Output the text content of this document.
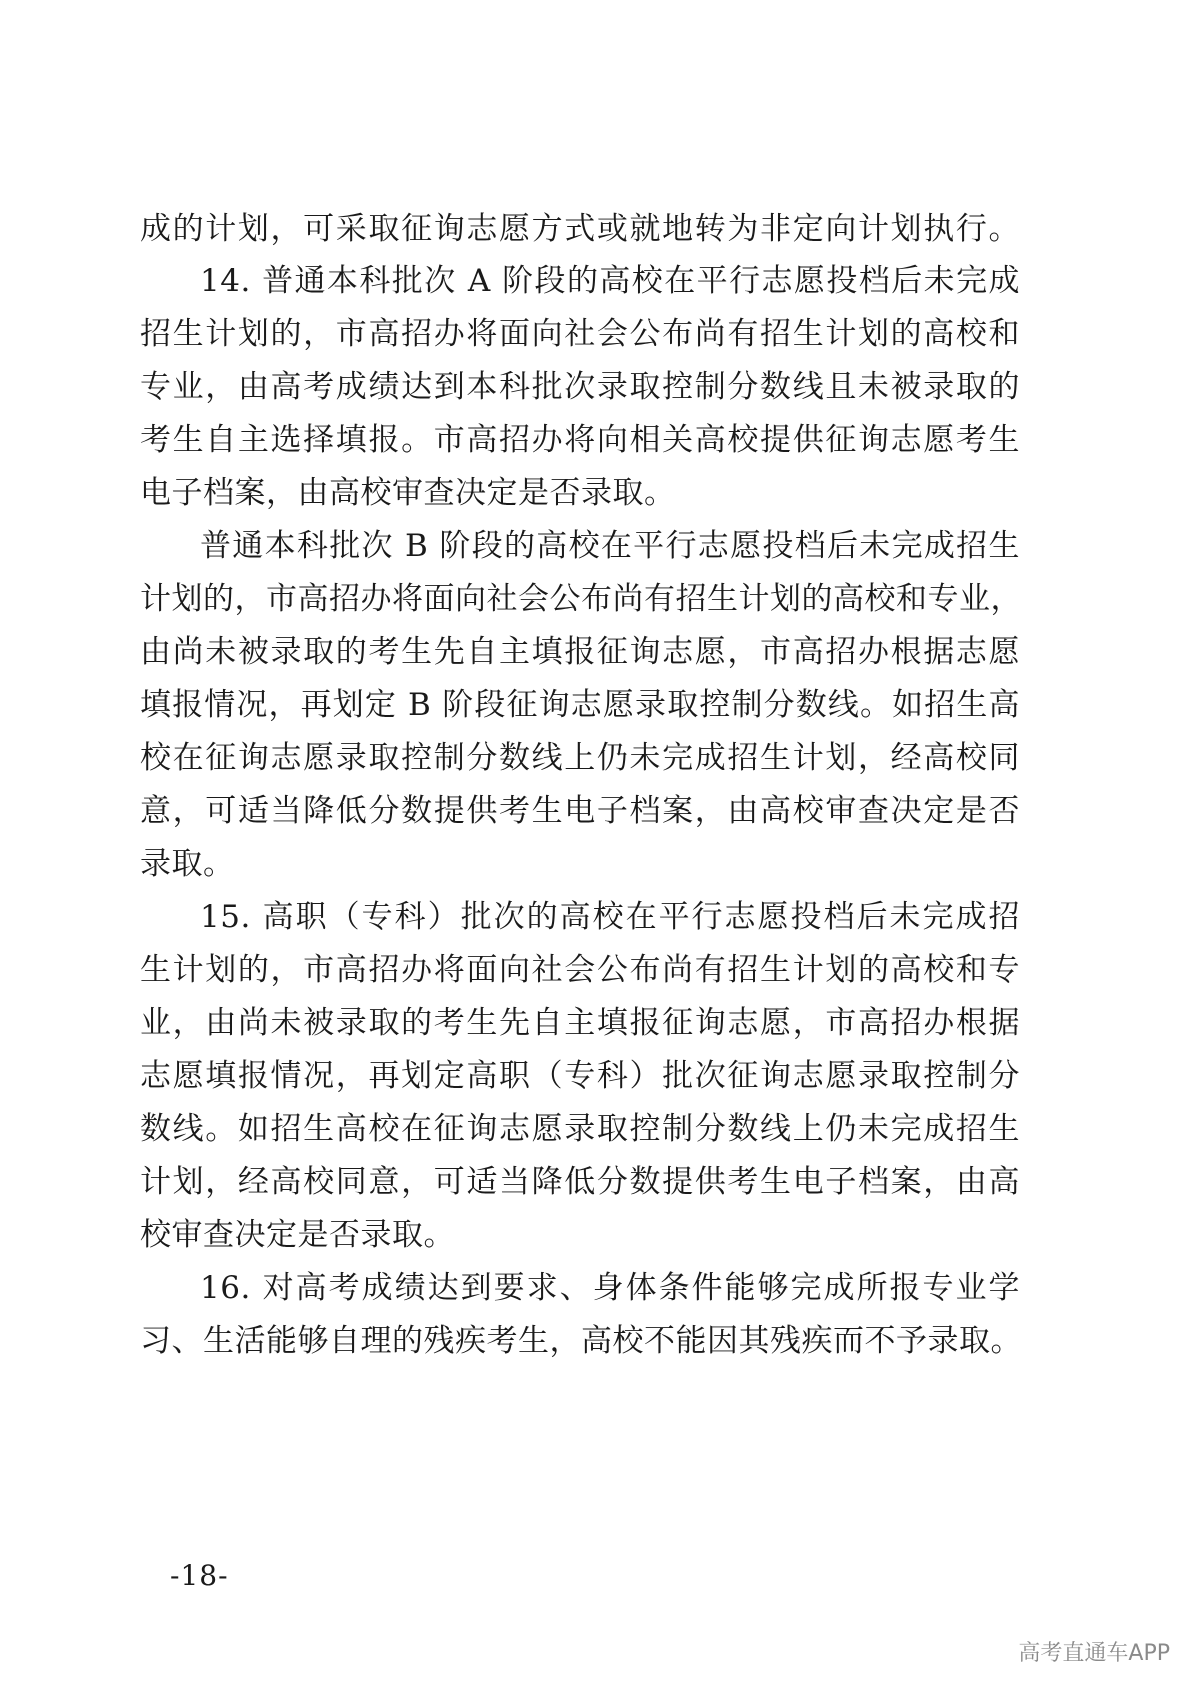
成的计划，可采取征询志愿方式或就地转为非定向计划执行。
14. 普通本科批次 A 阶段的高校在平行志愿投档后未完成
招生计划的，市高招办将面向社会公布尚有招生计划的高校和
专业，由高考成绩达到本科批次录取控制分数线且未被录取的
考生自主选择填报。市高招办将向相关高校提供征询志愿考生
电子档案，由高校审查决定是否录取。
普通本科批次 B 阶段的高校在平行志愿投档后未完成招生
计划的，市高招办将面向社会公布尚有招生计划的高校和专业，
由尚未被录取的考生先自主填报征询志愿，市高招办根据志愿
填报情况，再划定 B 阶段征询志愿录取控制分数线。如招生高
校在征询志愿录取控制分数线上仍未完成招生计划，经高校同
意，可适当降低分数提供考生电子档案，由高校审查决定是否
录取。
15. 高职（专科）批次的高校在平行志愿投档后未完成招
生计划的，市高招办将面向社会公布尚有招生计划的高校和专
业，由尚未被录取的考生先自主填报征询志愿，市高招办根据
志愿填报情况，再划定高职（专科）批次征询志愿录取控制分
数线。如招生高校在征询志愿录取控制分数线上仍未完成招生
计划，经高校同意，可适当降低分数提供考生电子档案，由高
校审查决定是否录取。
16. 对高考成绩达到要求、身体条件能够完成所报专业学
习、生活能够自理的残疾考生，高校不能因其残疾而不予录取。
-18-
高考直通车APP
